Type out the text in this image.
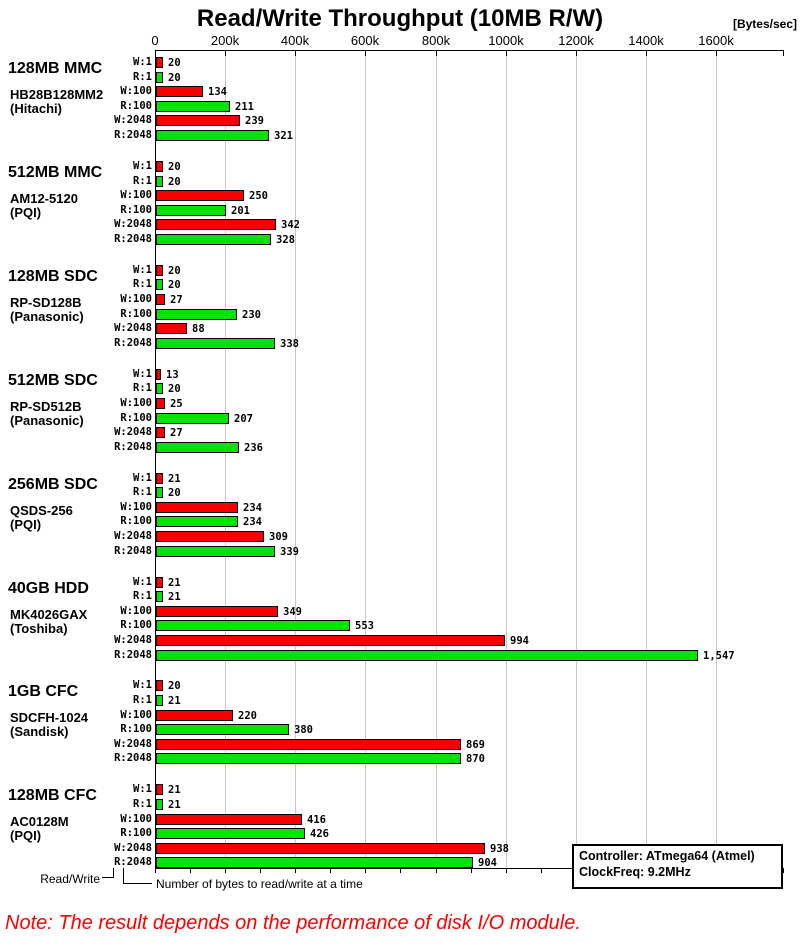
Read/Write Throughput (10MB R/W)	[Bytes/sec]
0	200k	400k	600k	800k	1000k	1200k	1400k	1600k
128MB MMC
HB28B128MM2
(Hitachi)
W:1 20
R:1 20
W:100	134
R:100	211
W:2048	239
R:2048	321
512MB MMC
AM12-5120
(PQI)
W:1 20
R:1 20
W:100	250
R:100	201
W:2048	342
R:2048	328
128MB SDC
RP-SD128B
(Panasonic)
W:1 20
R:1 20
W:100 27
R:100	230
W:2048	88
R:2048	338
512MB SDC
RP-SD512B
(Panasonic)
W:1 13
R:1 20
W:100 25
R:100	207
W:2048 27
R:2048	236
256MB SDC
QSDS-256
(PQI)
W:1 21
R:1 20
W:100	234
R:100	234
W:2048	309
R:2048	339
40GB HDD
MK4026GAX
(Toshiba)
W:1 21
R:1 21
W:100	349
R:100	553
W:2048	994
R:2048	1,547
1GB CFC
SDCFH-1024
(Sandisk)
W:1 20
R:1 21
W:100	220
R:100	380
W:2048	869
R:2048	870
128MB CFC
AC0128M
(PQI)
W:1 21
R:1 21
W:100	416
R:100	426
W:2048	938
R:2048	904	Controller: ATmega64 (Atmel)
ClockFreq: 9.2MHz
Read/Write	Number of bytes to read/write at a time
Note: The result depends on the performance of disk I/O module.
